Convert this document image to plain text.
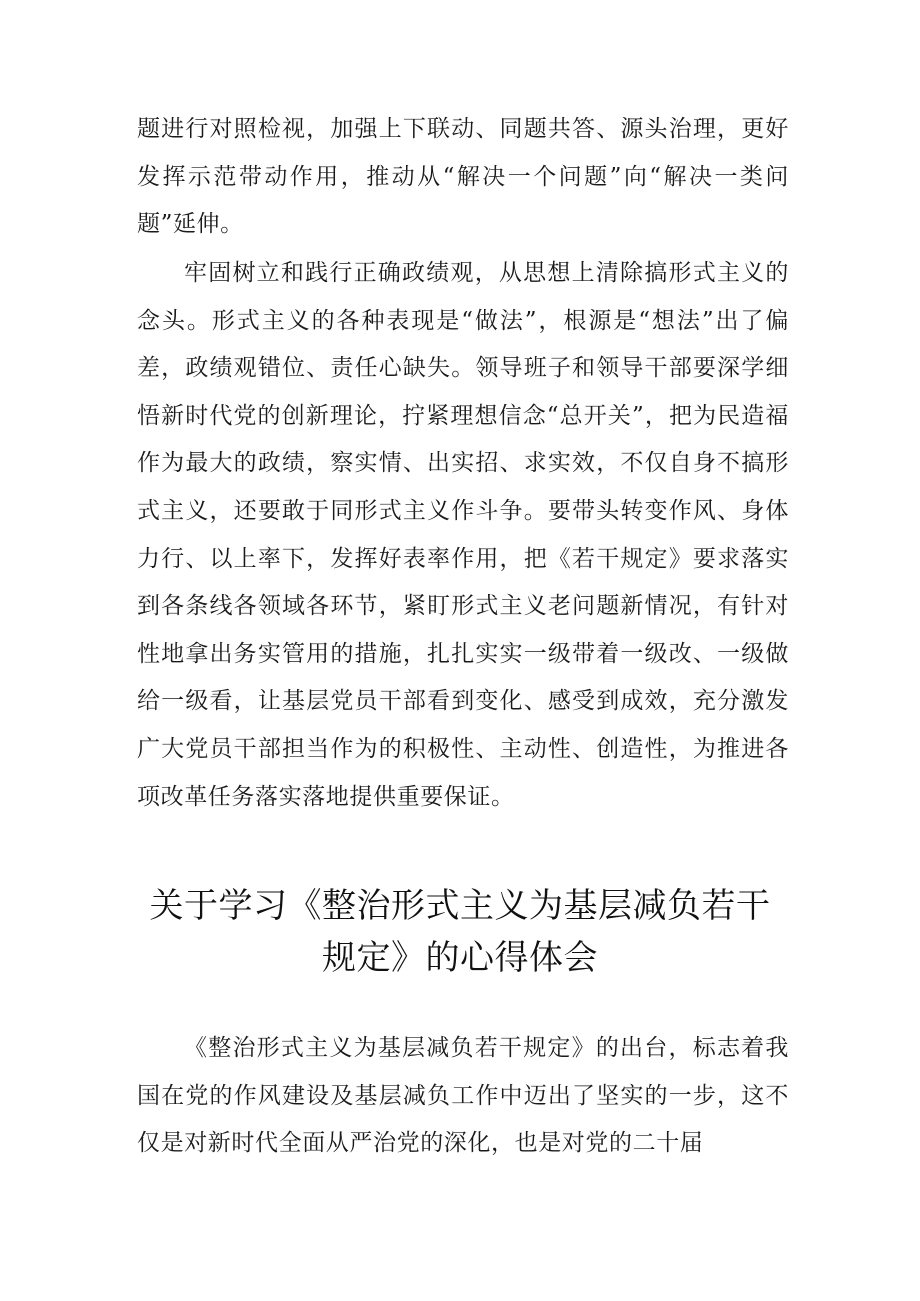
题进行对照检视，加强上下联动、同题共答、源头治理，更好发挥示范带动作用，推动从“解决一个问题”向“解决一类问题”延伸。

牢固树立和践行正确政绩观，从思想上清除搞形式主义的念头。形式主义的各种表现是“做法”，根源是“想法”出了偏差，政绩观错位、责任心缺失。领导班子和领导干部要深学细悟新时代党的创新理论，拧紧理想信念“总开关”，把为民造福作为最大的政绩，察实情、出实招、求实效，不仅自身不搞形式主义，还要敢于同形式主义作斗争。要带头转变作风、身体力行、以上率下，发挥好表率作用，把《若干规定》要求落实到各条线各领域各环节，紧盯形式主义老问题新情况，有针对性地拿出务实管用的措施，扎扎实实一级带着一级改、一级做给一级看，让基层党员干部看到变化、感受到成效，充分激发广大党员干部担当作为的积极性、主动性、创造性，为推进各项改革任务落实落地提供重要保证。

关于学习《整治形式主义为基层减负若干
规定》的心得体会

《整治形式主义为基层减负若干规定》的出台，标志着我国在党的作风建设及基层减负工作中迈出了坚实的一步，这不仅是对新时代全面从严治党的深化，也是对党的二十届
